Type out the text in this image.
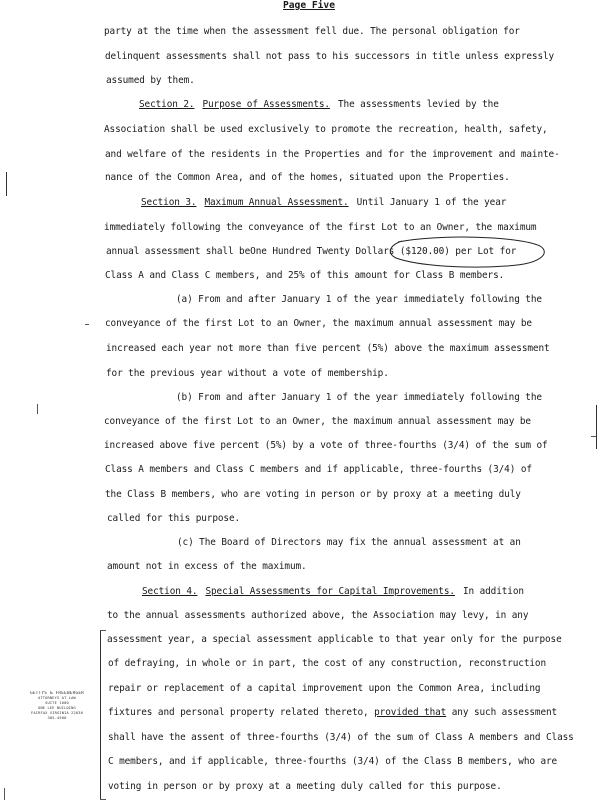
Page Five
party at the time when the assessment fell due. The personal obligation for
delinquent assessments shall not pass to his successors in title unless expressly
assumed by them.
Section 2. Purpose of Assessments. The assessments levied by the
Association shall be used exclusively to promote the recreation, health, safety,
and welfare of the residents in the Properties and for the improvement and mainte-
nance of the Common Area, and of the homes, situated upon the Properties.
Section 3. Maximum Annual Assessment. Until January 1 of the year
immediately following the conveyance of the first Lot to an Owner, the maximum
annual assessment shall beOne Hundred Twenty Dollars ($120.00) per Lot for
Class A and Class C members, and 25% of this amount for Class B members.
(a) From and after January 1 of the year immediately following the
conveyance of the first Lot to an Owner, the maximum annual assessment may be
increased each year not more than five percent (5%) above the maximum assessment
for the previous year without a vote of membership.
(b) From and after January 1 of the year immediately following the
conveyance of the first Lot to an Owner, the maximum annual assessment may be
increased above five percent (5%) by a vote of three-fourths (3/4) of the sum of
Class A members and Class C members and if applicable, three-fourths (3/4) of
the Class B members, who are voting in person or by proxy at a meeting duly
called for this purpose.
(c) The Board of Directors may fix the annual assessment at an
amount not in excess of the maximum.
Section 4. Special Assessments for Capital Improvements. In addition
to the annual assessments authorized above, the Association may levy, in any
assessment year, a special assessment applicable to that year only for the purpose
of defraying, in whole or in part, the cost of any construction, reconstruction
repair or replacement of a capital improvement upon the Common Area, including
fixtures and personal property related thereto, provided that any such assessment
shall have the assent of three-fourths (3/4) of the sum of Class A members and Class
C members, and if applicable, three-fourths (3/4) of the Class B members, who are
voting in person or by proxy at a meeting duly called for this purpose.
GETTYS & FREEBERGER
ATTORNEYS AT LAW
SUITE 1000
ONE LEE BUILDING
FAIRFAX VIRGINIA 22030
385-4500
